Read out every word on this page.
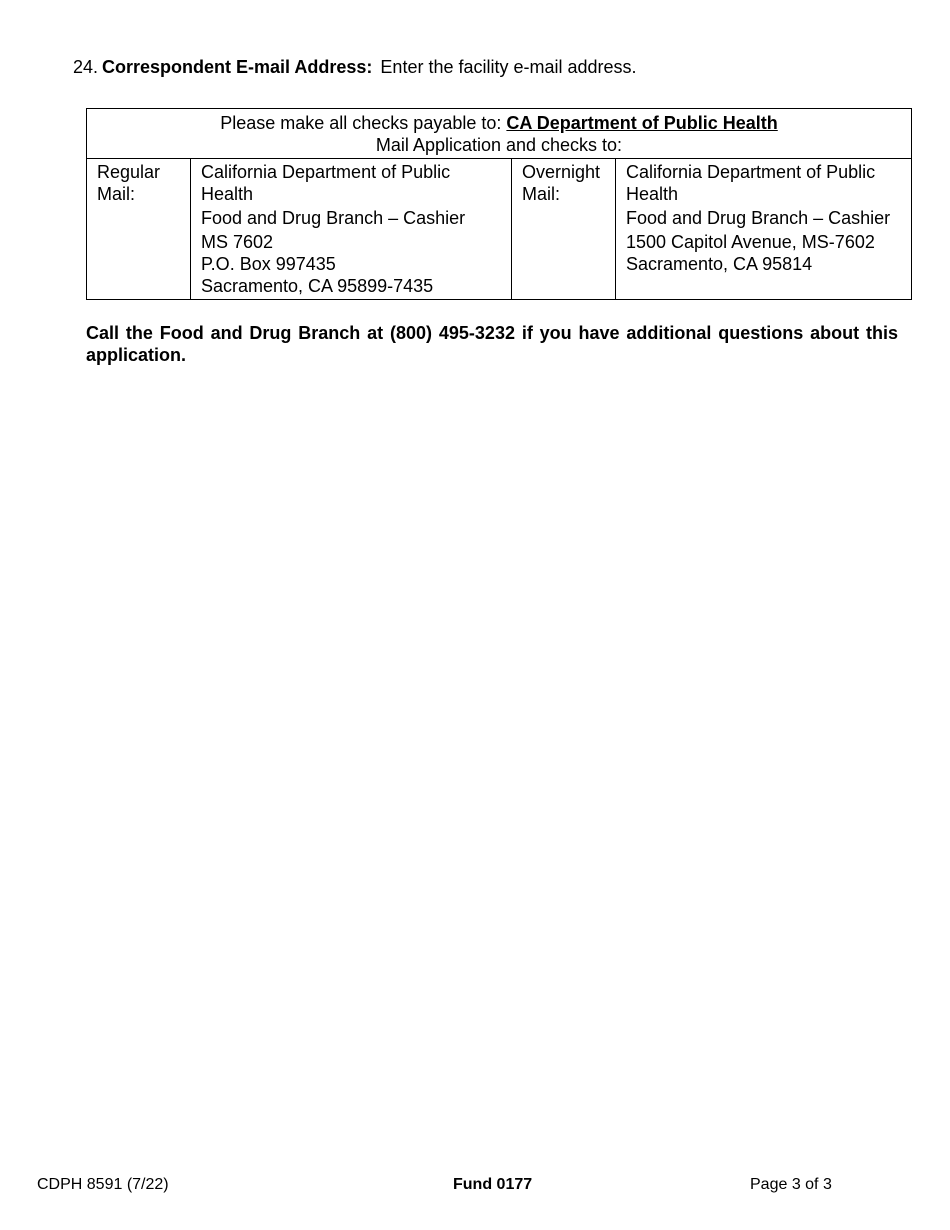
24. Correspondent E-mail Address: Enter the facility e-mail address.
Please make all checks payable to: CA Department of Public Health
Mail Application and checks to:

Regular
Mail:

California Department of Public
Health
Food and Drug Branch – Cashier
MS 7602
P.O. Box 997435
Sacramento, CA 95899-7435

Overnight
Mail:

California Department of Public
Health
Food and Drug Branch – Cashier
1500 Capitol Avenue, MS-7602
Sacramento, CA 95814
Call the Food and Drug Branch at (800) 495-3232 if you have additional questions about this application.
CDPH 8591 (7/22)	Fund 0177	Page 3 of 3
